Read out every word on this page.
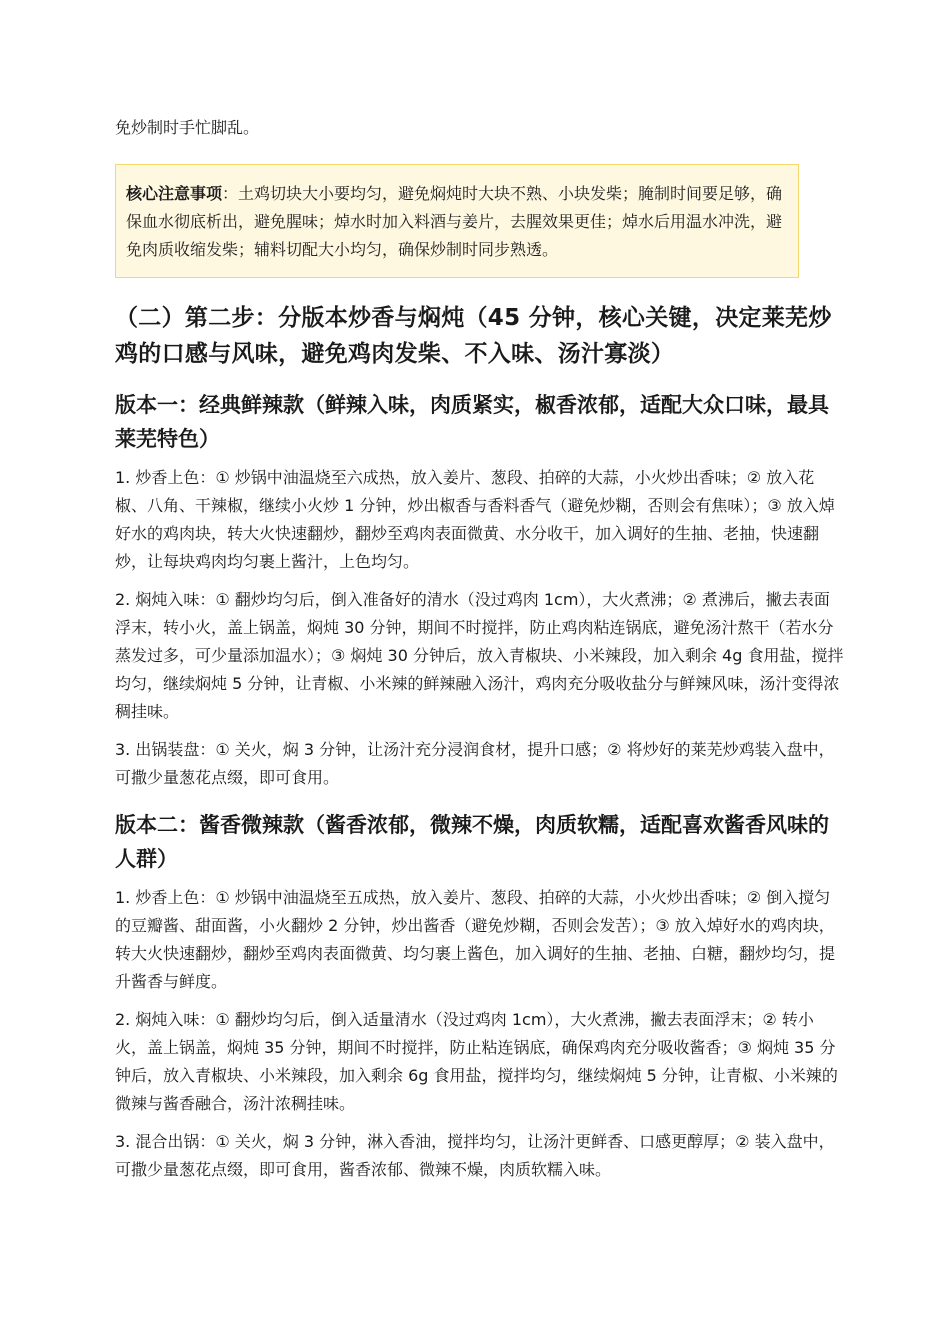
免炒制时手忙脚乱。

核心注意事项：土鸡切块大小要均匀，避免焖炖时大块不熟、小块发柴；腌制时间要足够，确保血水彻底析出，避免腥味；焯水时加入料酒与姜片，去腥效果更佳；焯水后用温水冲洗，避免肉质收缩发柴；辅料切配大小均匀，确保炒制时同步熟透。
（二）第二步：分版本炒香与焖炖（45 分钟，核心关键，决定莱芜炒鸡的口感与风味，避免鸡肉发柴、不入味、汤汁寡淡）
版本一：经典鲜辣款（鲜辣入味，肉质紧实，椒香浓郁，适配大众口味，最具莱芜特色）

1. 炒香上色：① 炒锅中油温烧至六成热，放入姜片、葱段、拍碎的大蒜，小火炒出香味；② 放入花椒、八角、干辣椒，继续小火炒 1 分钟，炒出椒香与香料香气（避免炒糊，否则会有焦味）；③ 放入焯好水的鸡肉块，转大火快速翻炒，翻炒至鸡肉表面微黄、水分收干，加入调好的生抽、老抽，快速翻炒，让每块鸡肉均匀裹上酱汁，上色均匀。

2. 焖炖入味：① 翻炒均匀后，倒入准备好的清水（没过鸡肉 1cm），大火煮沸；② 煮沸后，撇去表面浮末，转小火，盖上锅盖，焖炖 30 分钟，期间不时搅拌，防止鸡肉粘连锅底，避免汤汁熬干（若水分蒸发过多，可少量添加温水）；③ 焖炖 30 分钟后，放入青椒块、小米辣段，加入剩余 4g 食用盐，搅拌均匀，继续焖炖 5 分钟，让青椒、小米辣的鲜辣融入汤汁，鸡肉充分吸收盐分与鲜辣风味，汤汁变得浓稠挂味。

3. 出锅装盘：① 关火，焖 3 分钟，让汤汁充分浸润食材，提升口感；② 将炒好的莱芜炒鸡装入盘中，可撒少量葱花点缀，即可食用。

版本二：酱香微辣款（酱香浓郁，微辣不燥，肉质软糯，适配喜欢酱香风味的人群）

1. 炒香上色：① 炒锅中油温烧至五成热，放入姜片、葱段、拍碎的大蒜，小火炒出香味；② 倒入搅匀的豆瓣酱、甜面酱，小火翻炒 2 分钟，炒出酱香（避免炒糊，否则会发苦）；③ 放入焯好水的鸡肉块，转大火快速翻炒，翻炒至鸡肉表面微黄、均匀裹上酱色，加入调好的生抽、老抽、白糖，翻炒均匀，提升酱香与鲜度。

2. 焖炖入味：① 翻炒均匀后，倒入适量清水（没过鸡肉 1cm），大火煮沸，撇去表面浮末；② 转小火，盖上锅盖，焖炖 35 分钟，期间不时搅拌，防止粘连锅底，确保鸡肉充分吸收酱香；③ 焖炖 35 分钟后，放入青椒块、小米辣段，加入剩余 6g 食用盐，搅拌均匀，继续焖炖 5 分钟，让青椒、小米辣的微辣与酱香融合，汤汁浓稠挂味。

3. 混合出锅：① 关火，焖 3 分钟，淋入香油，搅拌均匀，让汤汁更鲜香、口感更醇厚；② 装入盘中，可撒少量葱花点缀，即可食用，酱香浓郁、微辣不燥，肉质软糯入味。
